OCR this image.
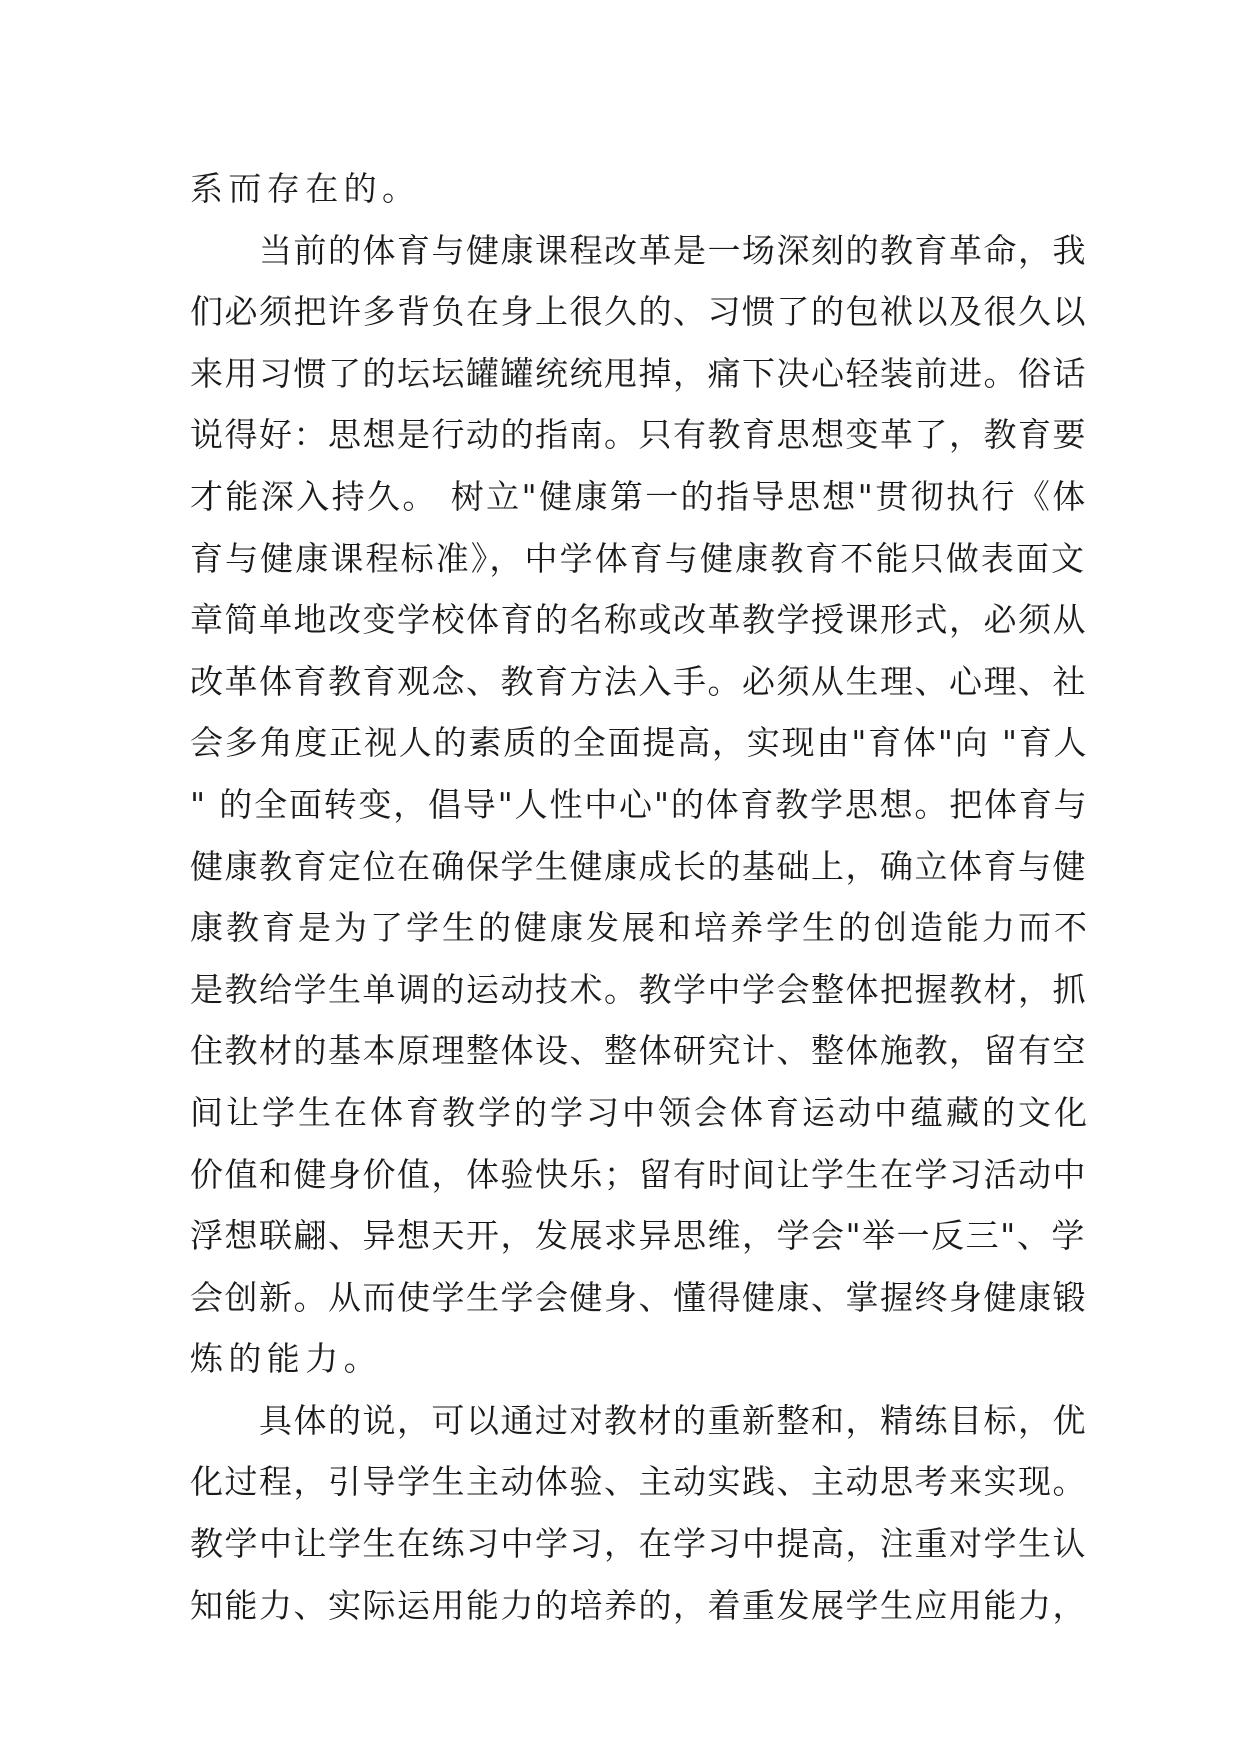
系而存在的。
　　当前的体育与健康课程改革是一场深刻的教育革命，我
们必须把许多背负在身上很久的、习惯了的包袱以及很久以
来用习惯了的坛坛罐罐统统甩掉，痛下决心轻装前进。俗话
说得好：思想是行动的指南。只有教育思想变革了，教育要
才能深入持久。 树立"健康第一的指导思想"贯彻执行《体
育与健康课程标准》，中学体育与健康教育不能只做表面文
章简单地改变学校体育的名称或改革教学授课形式，必须从
改革体育教育观念、教育方法入手。必须从生理、心理、社
会多角度正视人的素质的全面提高，实现由"育体"向 "育人
" 的全面转变，倡导"人性中心"的体育教学思想。把体育与
健康教育定位在确保学生健康成长的基础上，确立体育与健
康教育是为了学生的健康发展和培养学生的创造能力而不
是教给学生单调的运动技术。教学中学会整体把握教材，抓
住教材的基本原理整体设、整体研究计、整体施教，留有空
间让学生在体育教学的学习中领会体育运动中蕴藏的文化
价值和健身价值，体验快乐；留有时间让学生在学习活动中
浮想联翩、异想天开，发展求异思维，学会"举一反三"、学
会创新。从而使学生学会健身、懂得健康、掌握终身健康锻
炼的能力。
　　具体的说，可以通过对教材的重新整和，精练目标，优
化过程，引导学生主动体验、主动实践、主动思考来实现。
教学中让学生在练习中学习，在学习中提高，注重对学生认
知能力、实际运用能力的培养的，着重发展学生应用能力，
